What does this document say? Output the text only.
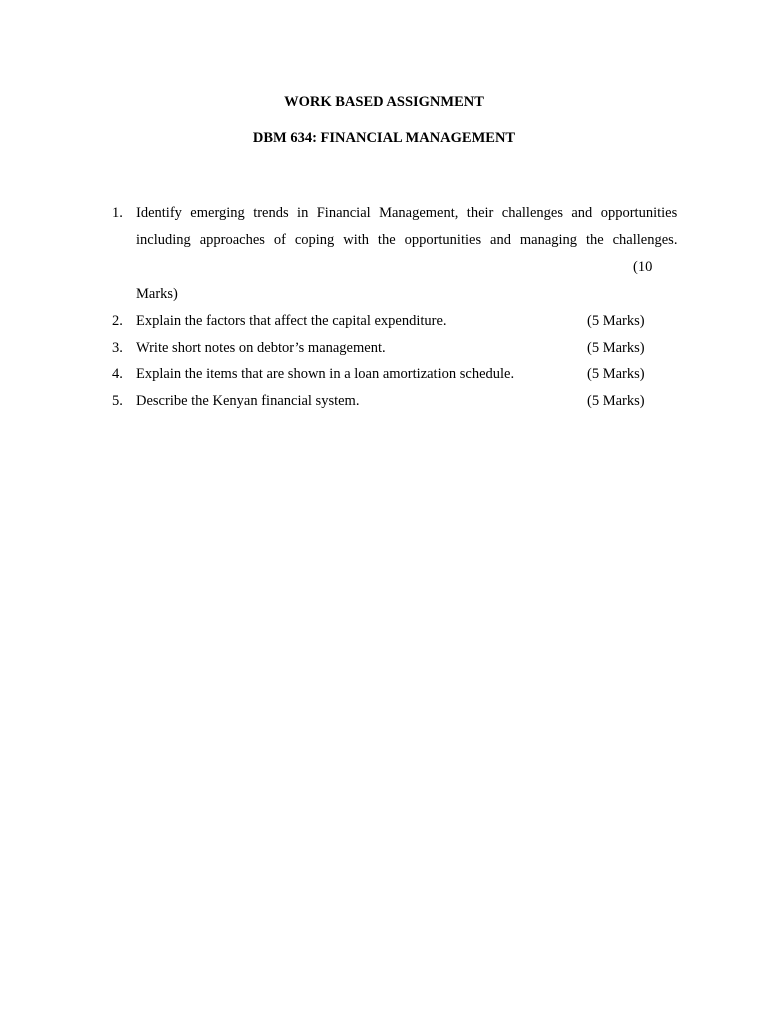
WORK BASED ASSIGNMENT
DBM 634: FINANCIAL MANAGEMENT
1. Identify emerging trends in Financial Management, their challenges and opportunities
including approaches of coping with the opportunities and managing the challenges.
(10
Marks)
2. Explain the factors that affect the capital expenditure.	(5 Marks)
3. Write short notes on debtor’s management.	(5 Marks)
4. Explain the items that are shown in a loan amortization schedule.	(5 Marks)
5. Describe the Kenyan financial system.	(5 Marks)
